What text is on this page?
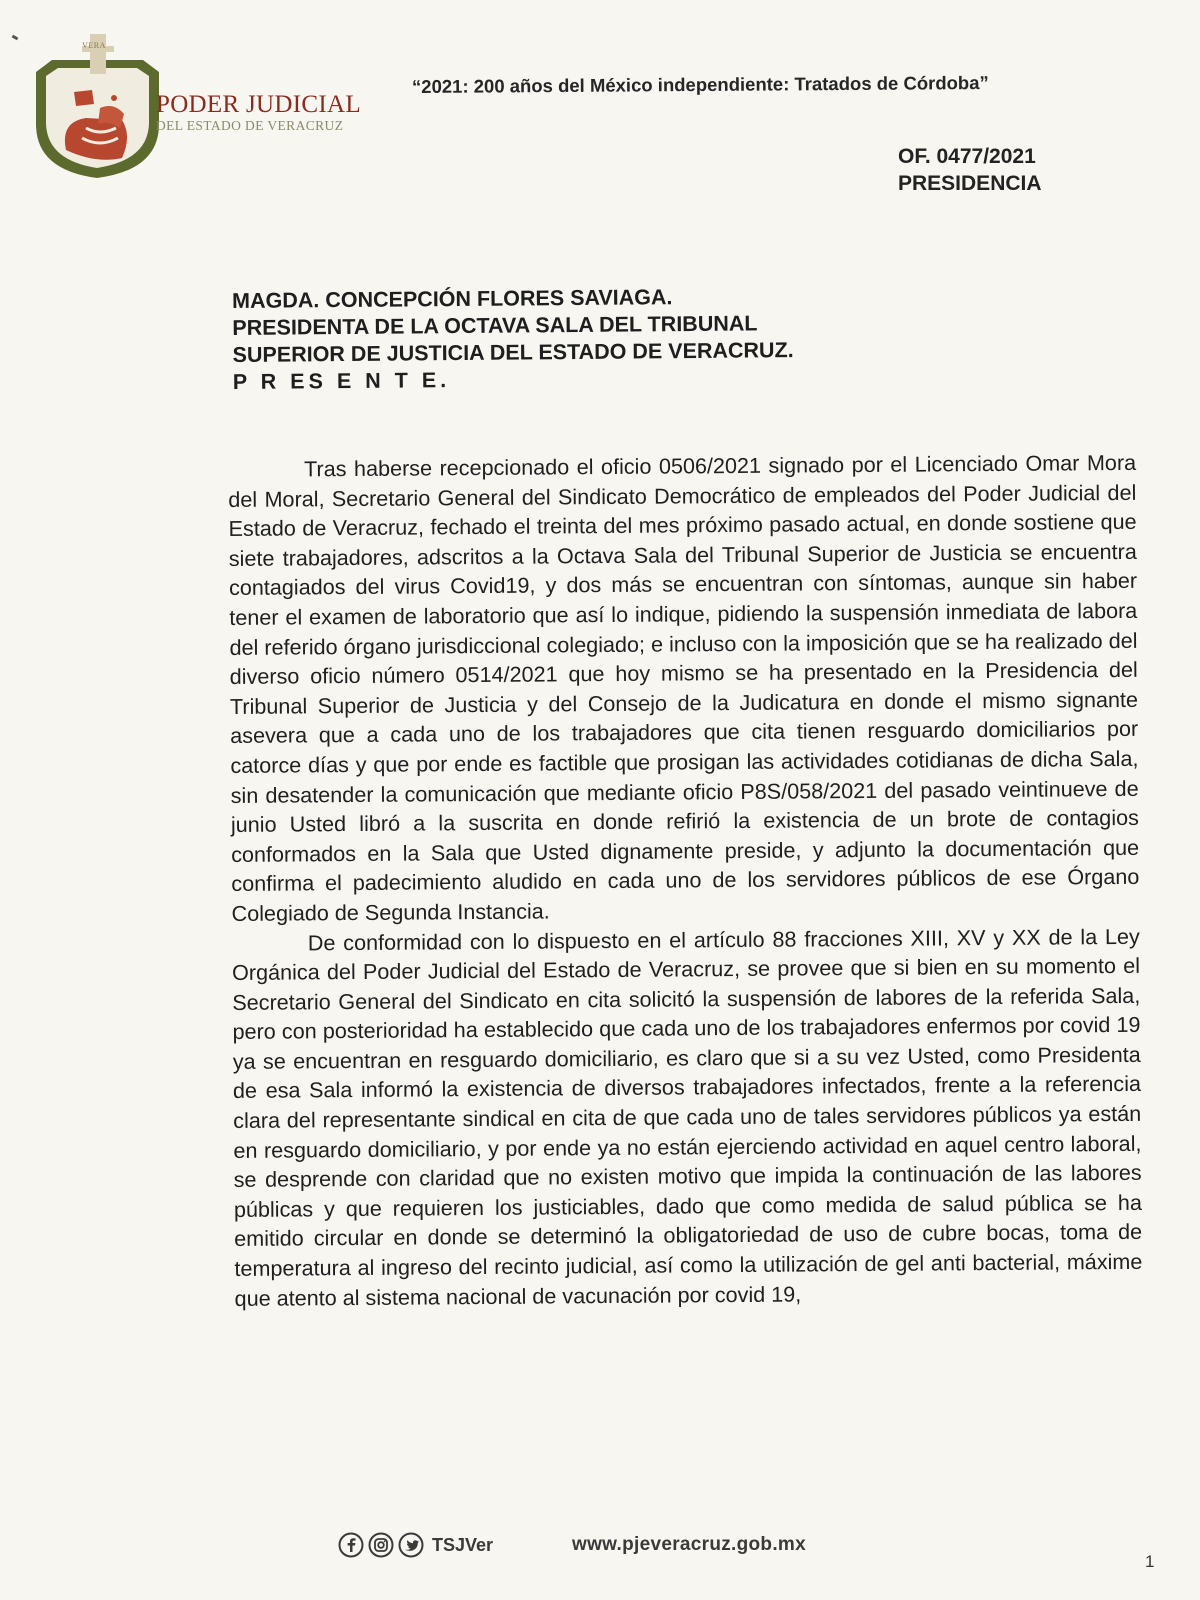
VERA
PODER JUDICIAL
DEL ESTADO DE VERACRUZ
“2021: 200 años del México independiente: Tratados de Córdoba”
OF. 0477/2021
PRESIDENCIA
MAGDA. CONCEPCIÓN FLORES SAVIAGA.
PRESIDENTA DE LA OCTAVA SALA DEL TRIBUNAL
SUPERIOR DE JUSTICIA DEL ESTADO DE VERACRUZ.
P R ES E N T E.

Tras haberse recepcionado el oficio 0506/2021 signado por el Licenciado Omar Mora del Moral, Secretario General del Sindicato Democrático de empleados del Poder Judicial del Estado de Veracruz, fechado el treinta del mes próximo pasado actual, en donde sostiene que siete trabajadores, adscritos a la Octava Sala del Tribunal Superior de Justicia se encuentra contagiados del virus Covid19, y dos más se encuentran con síntomas, aunque sin haber tener el examen de laboratorio que así lo indique, pidiendo la suspensión inmediata de labora del referido órgano jurisdiccional colegiado; e incluso con la imposición que se ha realizado del diverso oficio número 0514/2021 que hoy mismo se ha presentado en la Presidencia del Tribunal Superior de Justicia y del Consejo de la Judicatura en donde el mismo signante asevera que a cada uno de los trabajadores que cita tienen resguardo domiciliarios por catorce días y que por ende es factible que prosigan las actividades cotidianas de dicha Sala, sin desatender la comunicación que mediante oficio P8S/058/2021 del pasado veintinueve de junio Usted libró a la suscrita en donde refirió la existencia de un brote de contagios conformados en la Sala que Usted dignamente preside, y adjunto la documentación que confirma el padecimiento aludido en cada uno de los servidores públicos de ese Órgano Colegiado de Segunda Instancia.

De conformidad con lo dispuesto en el artículo 88 fracciones XIII, XV y XX de la Ley Orgánica del Poder Judicial del Estado de Veracruz, se provee que si bien en su momento el Secretario General del Sindicato en cita solicitó la suspensión de labores de la referida Sala, pero con posterioridad ha establecido que cada uno de los trabajadores enfermos por covid 19 ya se encuentran en resguardo domiciliario, es claro que si a su vez Usted, como Presidenta de esa Sala informó la existencia de diversos trabajadores infectados, frente a la referencia clara del representante sindical en cita de que cada uno de tales servidores públicos ya están en resguardo domiciliario, y por ende ya no están ejerciendo actividad en aquel centro laboral, se desprende con claridad que no existen motivo que impida la continuación de las labores públicas y que requieren los justiciables, dado que como medida de salud pública se ha emitido circular en donde se determinó la obligatoriedad de uso de cubre bocas, toma de temperatura al ingreso del recinto judicial, así como la utilización de gel anti bacterial, máxime que atento al sistema nacional de vacunación por covid 19,

1
TSJVer	www.pjeveracruz.gob.mx
